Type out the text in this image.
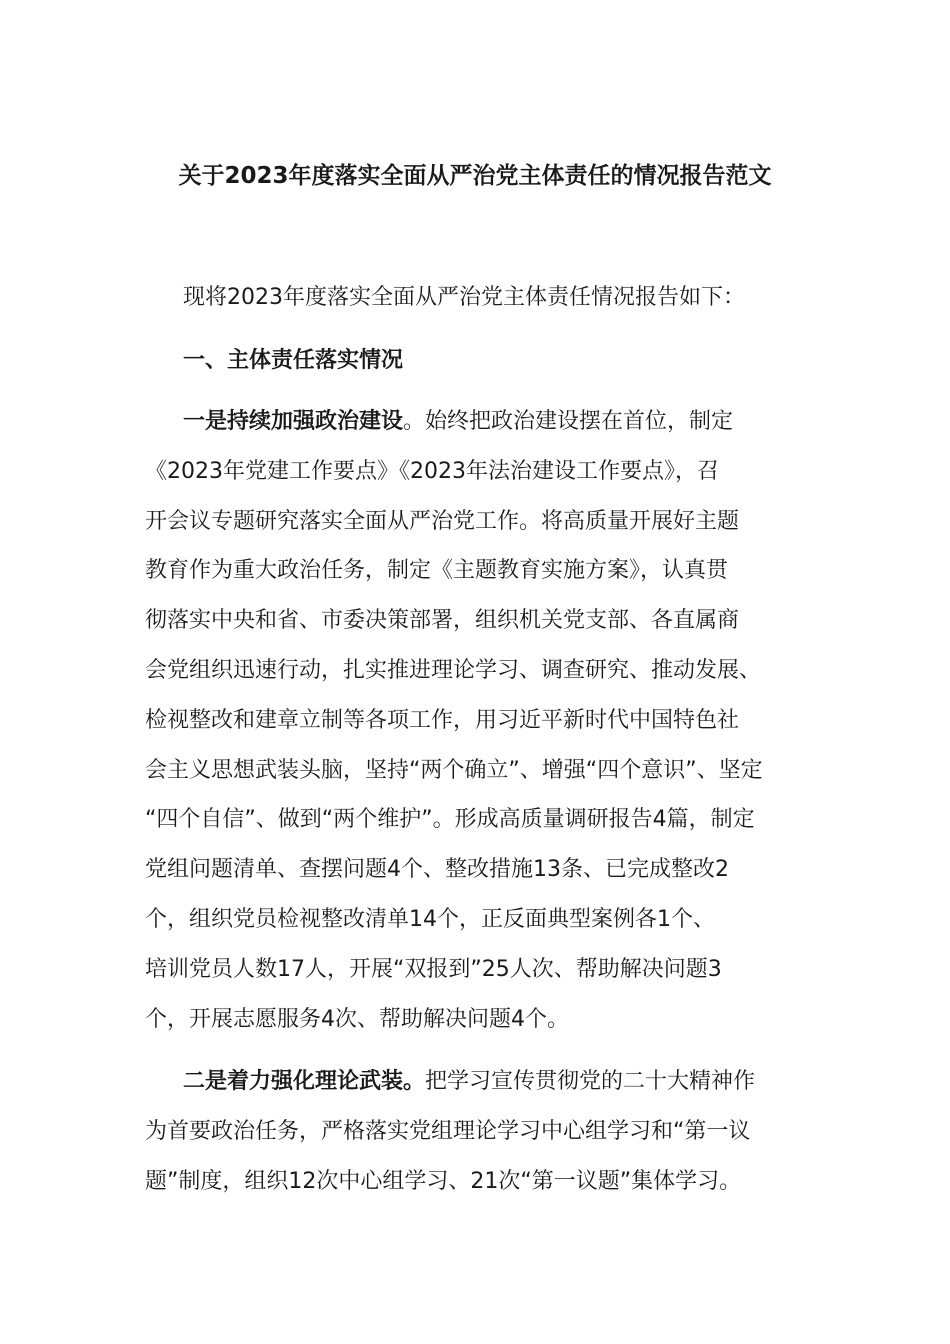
关于2023年度落实全面从严治党主体责任的情况报告范文
现将2023年度落实全面从严治党主体责任情况报告如下：
一、主体责任落实情况
一是持续加强政治建设。始终把政治建设摆在首位，制定
《2023年党建工作要点》《2023年法治建设工作要点》，召
开会议专题研究落实全面从严治党工作。将高质量开展好主题
教育作为重大政治任务，制定《主题教育实施方案》，认真贯
彻落实中央和省、市委决策部署，组织机关党支部、各直属商
会党组织迅速行动，扎实推进理论学习、调查研究、推动发展、
检视整改和建章立制等各项工作，用习近平新时代中国特色社
会主义思想武装头脑，坚持“两个确立”、增强“四个意识”、坚定
“四个自信”、做到“两个维护”。形成高质量调研报告4篇，制定
党组问题清单、查摆问题4个、整改措施13条、已完成整改2
个，组织党员检视整改清单14个，正反面典型案例各1个、
培训党员人数17人，开展“双报到”25人次、帮助解决问题3
个，开展志愿服务4次、帮助解决问题4个。
二是着力强化理论武装。把学习宣传贯彻党的二十大精神作
为首要政治任务，严格落实党组理论学习中心组学习和“第一议
题”制度，组织12次中心组学习、21次“第一议题”集体学习。
